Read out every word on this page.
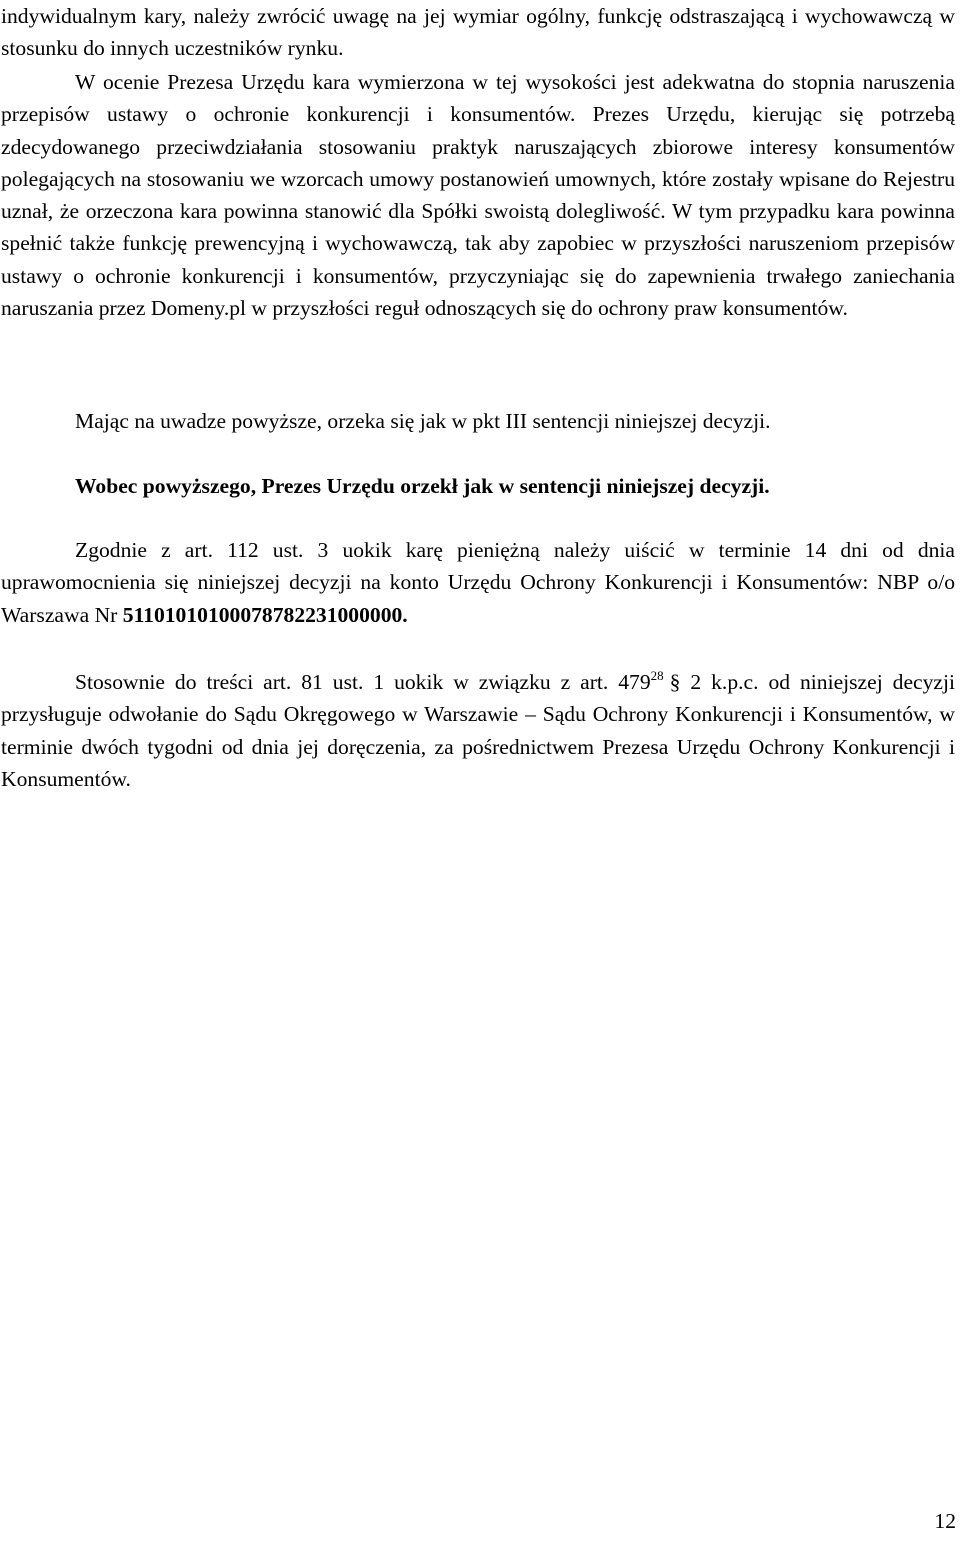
indywidualnym kary, należy zwrócić uwagę na jej wymiar ogólny, funkcję odstraszającą i wychowawczą w stosunku do innych uczestników rynku.

W ocenie Prezesa Urzędu kara wymierzona w tej wysokości jest adekwatna do stopnia naruszenia przepisów ustawy o ochronie konkurencji i konsumentów. Prezes Urzędu, kierując się potrzebą zdecydowanego przeciwdziałania stosowaniu praktyk naruszających zbiorowe interesy konsumentów polegających na stosowaniu we wzorcach umowy postanowień umownych, które zostały wpisane do Rejestru uznał, że orzeczona kara powinna stanowić dla Spółki swoistą dolegliwość. W tym przypadku kara powinna spełnić także funkcję prewencyjną i wychowawczą, tak aby zapobiec w przyszłości naruszeniom przepisów ustawy o ochronie konkurencji i konsumentów, przyczyniając się do zapewnienia trwałego zaniechania naruszania przez Domeny.pl w przyszłości reguł odnoszących się do ochrony praw konsumentów.

Mając na uwadze powyższe, orzeka się jak w pkt III sentencji niniejszej decyzji.

Wobec powyższego, Prezes Urzędu orzekł jak w sentencji niniejszej decyzji.

Zgodnie z art. 112 ust. 3 uokik karę pieniężną należy uiścić w terminie 14 dni od dnia uprawomocnienia się niniejszej decyzji na konto Urzędu Ochrony Konkurencji i Konsumentów: NBP o/o Warszawa Nr 51101010100078782231000000.

Stosownie do treści art. 81 ust. 1 uokik w związku z art. $479^{28}$ § 2 k.p.c. od niniejszej decyzji przysługuje odwołanie do Sądu Okręgowego w Warszawie – Sądu Ochrony Konkurencji i Konsumentów, w terminie dwóch tygodni od dnia jej doręczenia, za pośrednictwem Prezesa Urzędu Ochrony Konkurencji i Konsumentów.

12
